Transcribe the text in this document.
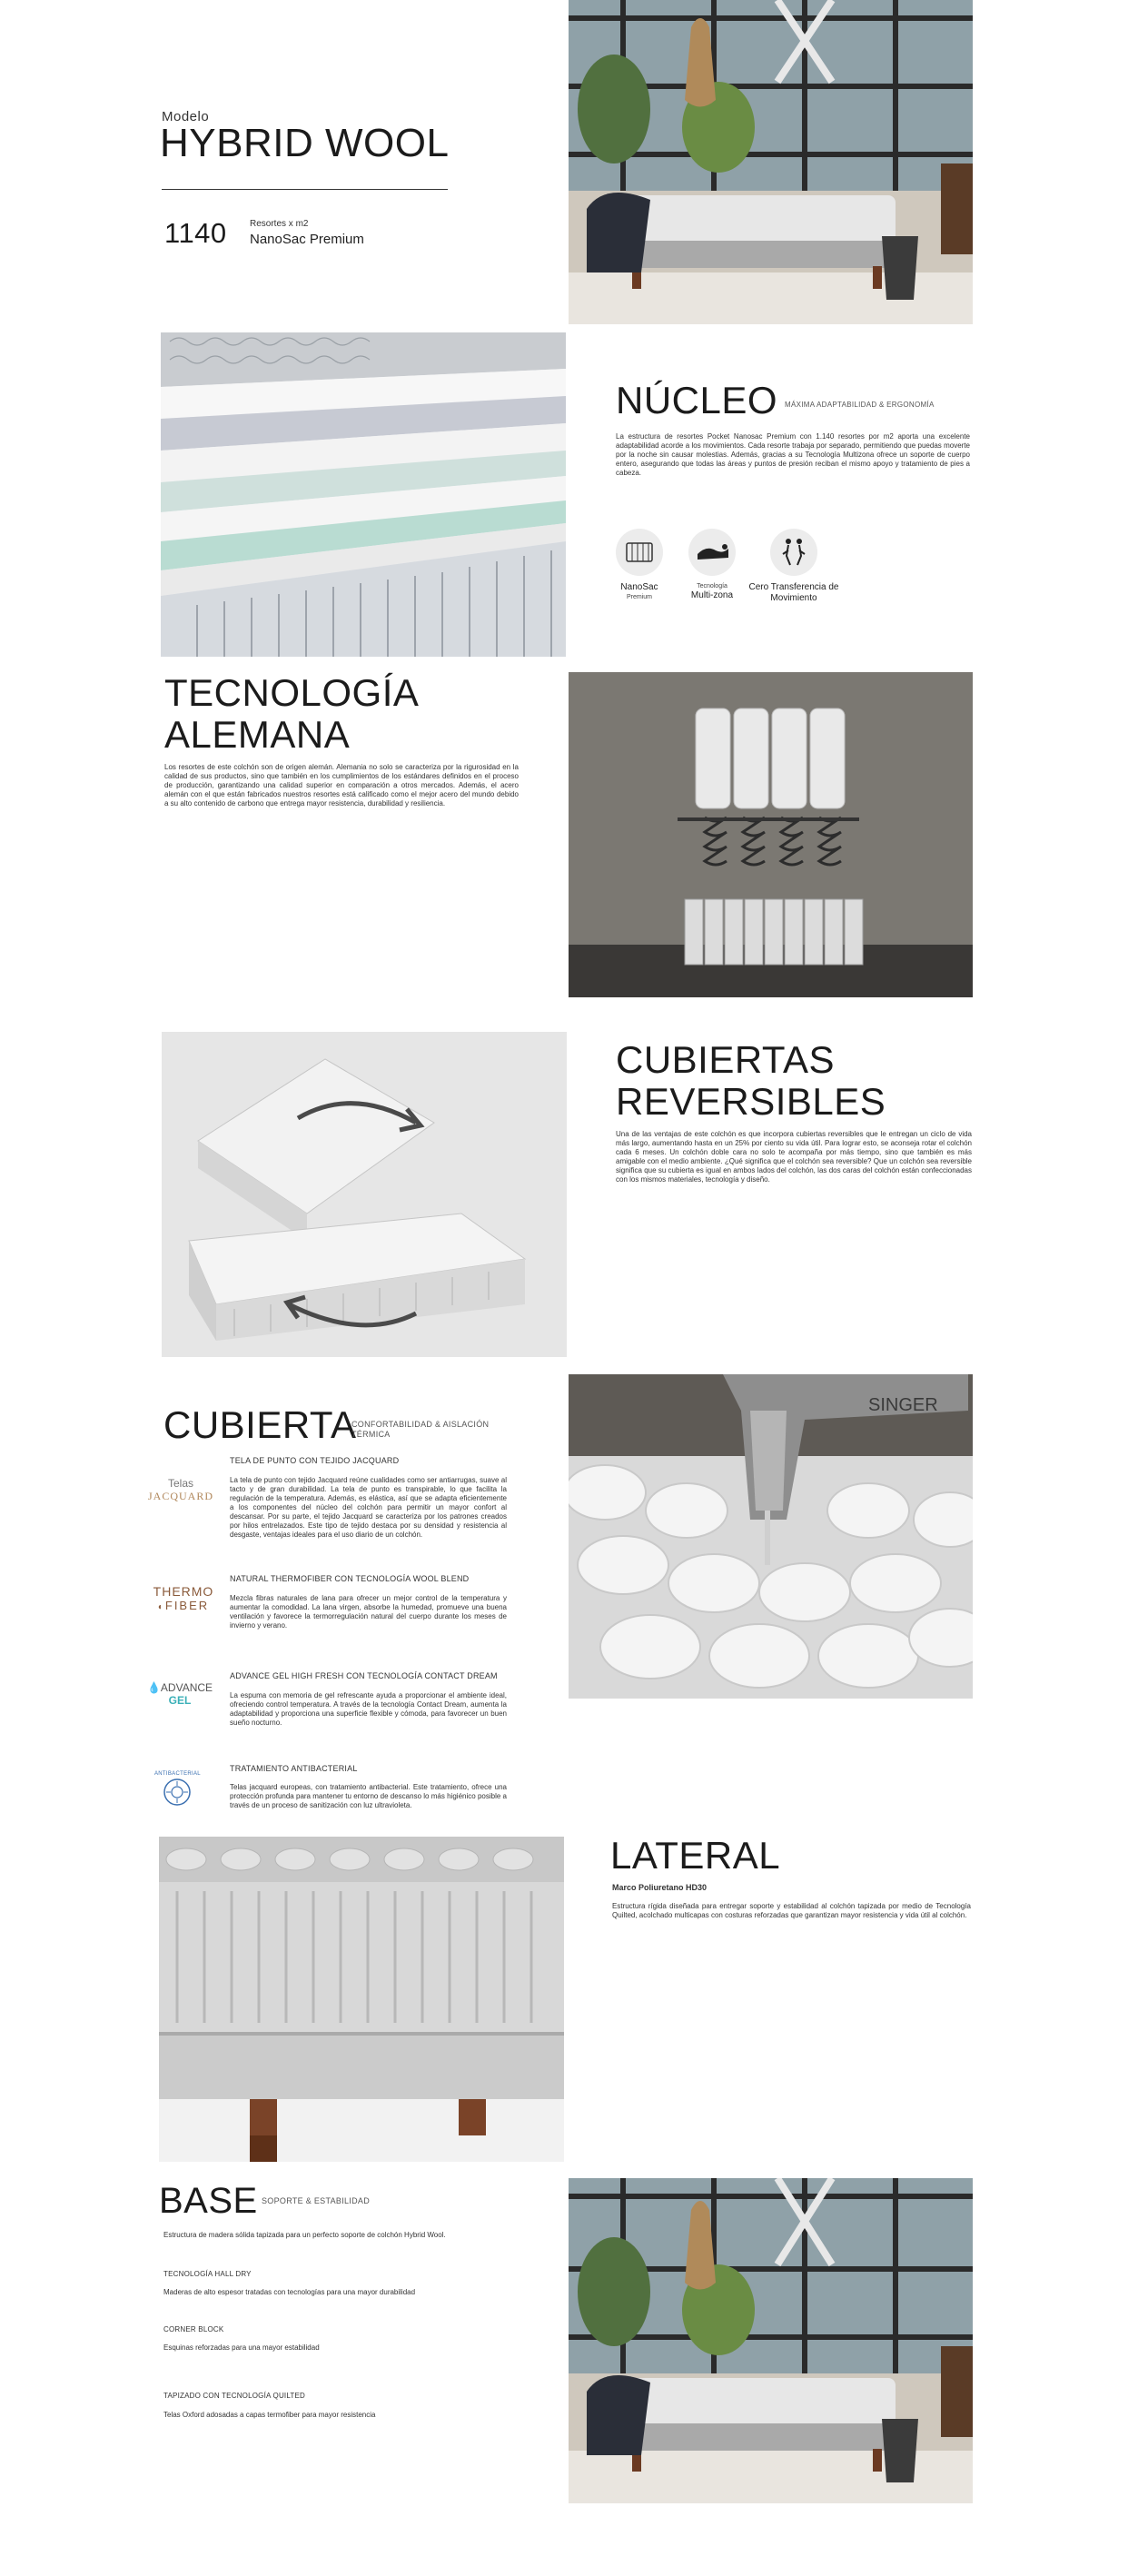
Modelo
HYBRID WOOL
1140	Resortes x m2
NanoSac Premium
NÚCLEO MÁXIMA ADAPTABILIDAD & ERGONOMÍA
La estructura de resortes Pocket Nanosac Premium con 1.140 resortes por m2 aporta una excelente adaptabilidad acorde a los movimientos. Cada resorte trabaja por separado, permitiendo que puedas moverte por la noche sin causar molestias. Además, gracias a su Tecnología Multizona ofrece un soporte de cuerpo entero, asegurando que todas las áreas y puntos de presión reciban el mismo apoyo y tratamiento de pies a cabeza.
NanoSac
Premium
Tecnología
Multi-zona
Cero Transferencia de Movimiento
TECNOLOGÍA
ALEMANA
Los resortes de este colchón son de origen alemán. Alemania no solo se caracteriza por la rigurosidad en la calidad de sus productos, sino que también en los cumplimientos de los estándares definidos en el proceso de producción, garantizando una calidad superior en comparación a otros mercados. Además, el acero alemán con el que están fabricados nuestros resortes está calificado como el mejor acero del mundo debido a su alto contenido de carbono que entrega mayor resistencia, durabilidad y resiliencia.
CUBIERTAS
REVERSIBLES
Una de las ventajas de este colchón es que incorpora cubiertas reversibles que le entregan un ciclo de vida más largo, aumentando hasta en un 25% por ciento su vida útil. Para lograr esto, se aconseja rotar el colchón cada 6 meses. Un colchón doble cara no solo te acompaña por más tiempo, sino que también es más amigable con el medio ambiente. ¿Qué significa que el colchón sea reversible? Que un colchón sea reversible significa que su cubierta es igual en ambos lados del colchón, las dos caras del colchón están confeccionadas con los mismos materiales, tecnología y diseño.
CUBIERTA
CONFORTABILIDAD & AISLACIÓN TÉRMICA
Telas
JACQUARD
TELA DE PUNTO CON TEJIDO JACQUARD
La tela de punto con tejido Jacquard reúne cualidades como ser antiarrugas, suave al tacto y de gran durabilidad. La tela de punto es transpirable, lo que facilita la regulación de la temperatura. Además, es elástica, así que se adapta eficientemente a los componentes del núcleo del colchón para permitir un mayor confort al descansar. Por su parte, el tejido Jacquard se caracteriza por los patrones creados por hilos entrelazados. Este tipo de tejido destaca por su densidad y resistencia al desgaste, ventajas ideales para el uso diario de un colchón.
THERMO
◐FIBER
NATURAL THERMOFIBER CON TECNOLOGÍA WOOL BLEND
Mezcla fibras naturales de lana para ofrecer un mejor control de la temperatura y aumentar la comodidad. La lana virgen, absorbe la humedad, promueve una buena ventilación y favorece la termorregulación natural del cuerpo durante los meses de invierno y verano.
💧ADVANCE GEL
ADVANCE GEL HIGH FRESH CON TECNOLOGÍA CONTACT DREAM
La espuma con memoria de gel refrescante ayuda a proporcionar el ambiente ideal, ofreciendo control temperatura. A través de la tecnología Contact Dream, aumenta la adaptabilidad y proporciona una superficie flexible y cómoda, para favorecer un buen sueño nocturno.
ANTIBACTERIAL
TRATAMIENTO ANTIBACTERIAL
Telas jacquard europeas, con tratamiento antibacterial. Este tratamiento, ofrece una protección profunda para mantener tu entorno de descanso lo más higiénico posible a través de un proceso de sanitización con luz ultravioleta.
SINGER
LATERAL
Marco Poliuretano HD30
Estructura rígida diseñada para entregar soporte y estabilidad al colchón tapizada por medio de Tecnología Quilted, acolchado multicapas con costuras reforzadas que garantizan mayor resistencia y vida útil al colchón.
BASE SOPORTE & ESTABILIDAD
Estructura de madera sólida tapizada para un perfecto soporte de colchón Hybrid Wool.
TECNOLOGÍA HALL DRY
Maderas de alto espesor tratadas con tecnologías para una mayor durabilidad
CORNER BLOCK
Esquinas reforzadas para una mayor estabilidad
TAPIZADO CON TECNOLOGÍA QUILTED
Telas Oxford adosadas a capas termofiber para mayor resistencia
